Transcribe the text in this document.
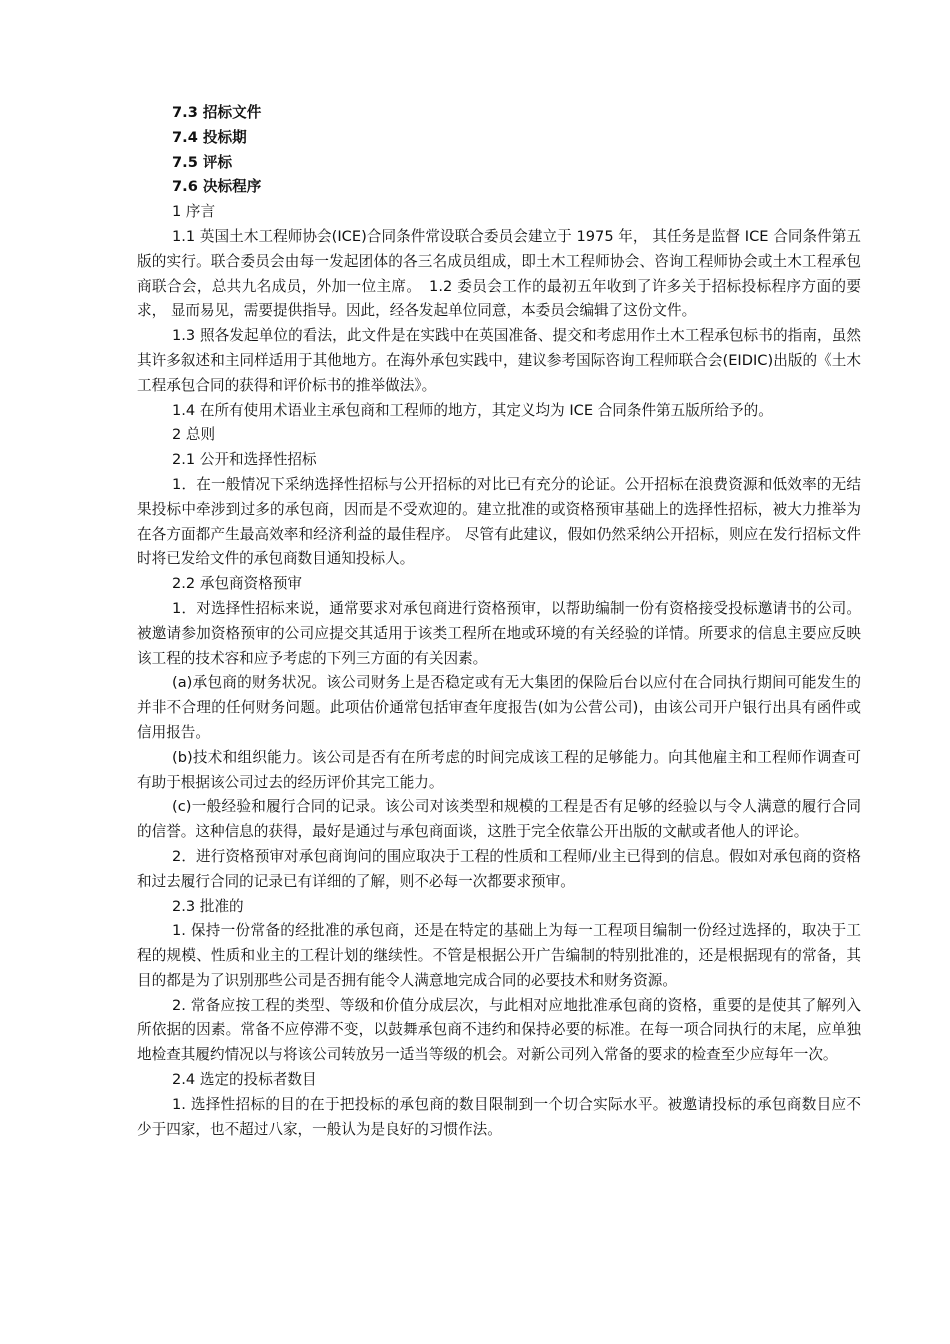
7.3 招标文件

7.4 投标期

7.5 评标

7.6 决标程序

1 序言

1.1 英国土木工程师协会(ICE)合同条件常设联合委员会建立于 1975 年， 其任务是监督 ICE 合同条件第五版的实行。联合委员会由每一发起团体的各三名成员组成，即土木工程师协会、咨询工程师协会或土木工程承包商联合会，总共九名成员，外加一位主席。　1.2 委员会工作的最初五年收到了许多关于招标投标程序方面的要求， 显而易见，需要提供指导。因此，经各发起单位同意，本委员会编辑了这份文件。

1.3 照各发起单位的看法，此文件是在实践中在英国准备、提交和考虑用作土木工程承包标书的指南，虽然其许多叙述和主同样适用于其他地方。在海外承包实践中，建议参考国际咨询工程师联合会(EIDIC)出版的《土木工程承包合同的获得和评价标书的推举做法》。

1.4 在所有使用术语业主承包商和工程师的地方，其定义均为 ICE 合同条件第五版所给予的。

2 总则

2.1 公开和选择性招标

1．在一般情况下采纳选择性招标与公开招标的对比已有充分的论证。公开招标在浪费资源和低效率的无结果投标中牵涉到过多的承包商，因而是不受欢迎的。建立批准的或资格预审基础上的选择性招标，被大力推举为在各方面都产生最高效率和经济利益的最佳程序。 尽管有此建议，假如仍然采纳公开招标，则应在发行招标文件时将已发给文件的承包商数目通知投标人。

2.2 承包商资格预审

1．对选择性招标来说，通常要求对承包商进行资格预审，以帮助编制一份有资格接受投标邀请书的公司。被邀请参加资格预审的公司应提交其适用于该类工程所在地或环境的有关经验的详情。所要求的信息主要应反映该工程的技术容和应予考虑的下列三方面的有关因素。

(a)承包商的财务状况。该公司财务上是否稳定或有无大集团的保险后台以应付在合同执行期间可能发生的并非不合理的任何财务问题。此项估价通常包括审查年度报告(如为公营公司)，由该公司开户银行出具有函件或信用报告。

(b)技术和组织能力。该公司是否有在所考虑的时间完成该工程的足够能力。向其他雇主和工程师作调查可有助于根据该公司过去的经历评价其完工能力。

(c)一般经验和履行合同的记录。该公司对该类型和规模的工程是否有足够的经验以与令人满意的履行合同的信誉。这种信息的获得，最好是通过与承包商面谈，这胜于完全依靠公开出版的文献或者他人的评论。

2．进行资格预审对承包商询问的围应取决于工程的性质和工程师/业主已得到的信息。假如对承包商的资格和过去履行合同的记录已有详细的了解，则不必每一次都要求预审。

2.3 批准的

1. 保持一份常备的经批准的承包商，还是在特定的基础上为每一工程项目编制一份经过选择的，取决于工程的规模、性质和业主的工程计划的继续性。不管是根据公开广告编制的特别批准的，还是根据现有的常备，其目的都是为了识别那些公司是否拥有能令人满意地完成合同的必要技术和财务资源。

2. 常备应按工程的类型、等级和价值分成层次，与此相对应地批准承包商的资格，重要的是使其了解列入所依据的因素。常备不应停滞不变，以鼓舞承包商不违约和保持必要的标准。在每一项合同执行的末尾，应单独地检查其履约情况以与将该公司转放另一适当等级的机会。对新公司列入常备的要求的检查至少应每年一次。

2.4 选定的投标者数目

1. 选择性招标的目的在于把投标的承包商的数目限制到一个切合实际水平。被邀请投标的承包商数目应不少于四家，也不超过八家，一般认为是良好的习惯作法。
